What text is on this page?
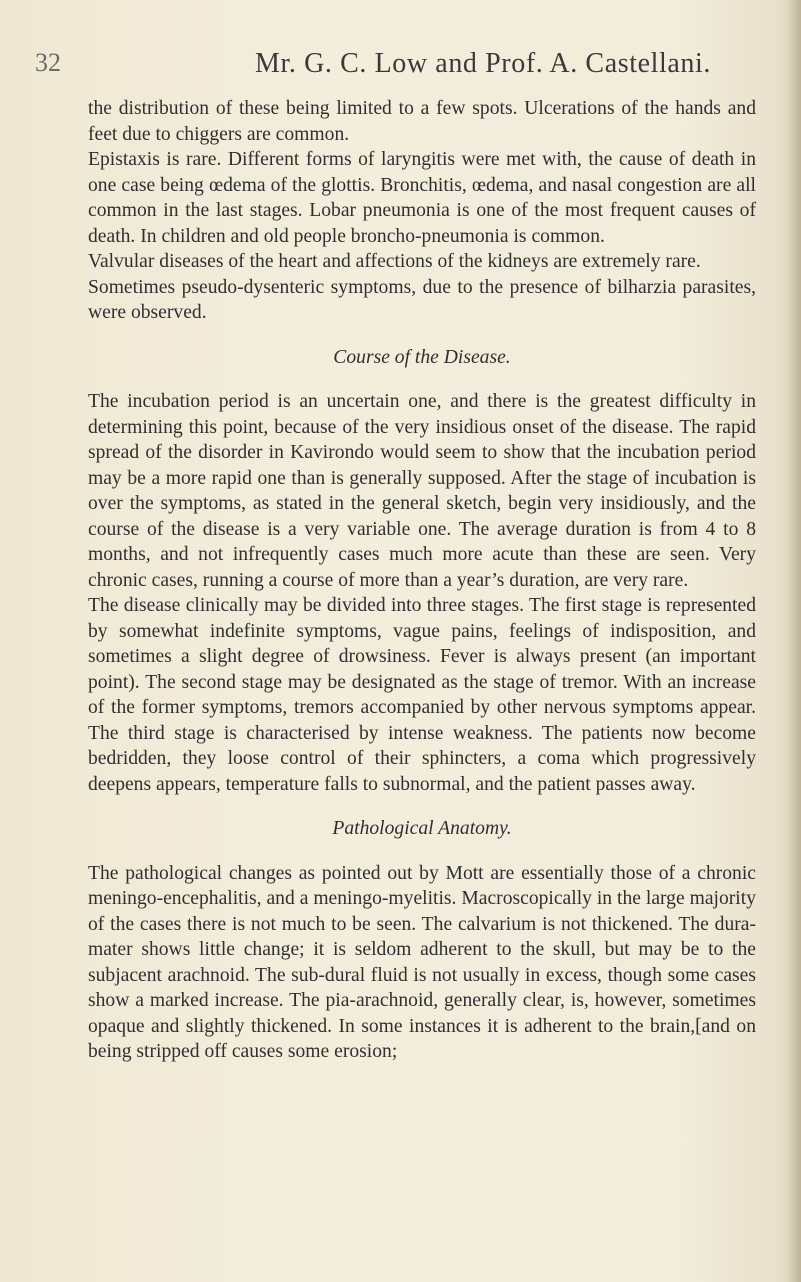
32	Mr. G. C. Low and Prof. A. Castellani.

the distribution of these being limited to a few spots. Ulcerations of the hands and feet due to chiggers are common.

Epistaxis is rare. Different forms of laryngitis were met with, the cause of death in one case being œdema of the glottis. Bronchitis, œdema, and nasal congestion are all common in the last stages. Lobar pneumonia is one of the most frequent causes of death. In children and old people broncho-pneumonia is common.

Valvular diseases of the heart and affections of the kidneys are extremely rare.

Sometimes pseudo-dysenteric symptoms, due to the presence of bilharzia parasites, were observed.

Course of the Disease.

The incubation period is an uncertain one, and there is the greatest difficulty in determining this point, because of the very insidious onset of the disease. The rapid spread of the disorder in Kavirondo would seem to show that the incubation period may be a more rapid one than is generally supposed. After the stage of incubation is over the symptoms, as stated in the general sketch, begin very insidiously, and the course of the disease is a very variable one. The average duration is from 4 to 8 months, and not infrequently cases much more acute than these are seen. Very chronic cases, running a course of more than a year’s duration, are very rare.

The disease clinically may be divided into three stages. The first stage is represented by somewhat indefinite symptoms, vague pains, feelings of indisposition, and sometimes a slight degree of drowsiness. Fever is always present (an important point). The second stage may be designated as the stage of tremor. With an increase of the former symptoms, tremors accompanied by other nervous symptoms appear. The third stage is characterised by intense weakness. The patients now become bedridden, they loose control of their sphincters, a coma which progressively deepens appears, temperature falls to subnormal, and the patient passes away.

Pathological Anatomy.

The pathological changes as pointed out by Mott are essentially those of a chronic meningo-encephalitis, and a meningo-myelitis. Macroscopically in the large majority of the cases there is not much to be seen. The calvarium is not thickened. The dura-mater shows little change; it is seldom adherent to the skull, but may be to the subjacent arachnoid. The sub-dural fluid is not usually in excess, though some cases show a marked increase. The pia-arachnoid, generally clear, is, however, sometimes opaque and slightly thickened. In some instances it is adherent to the brain,[and on being stripped off causes some erosion;
